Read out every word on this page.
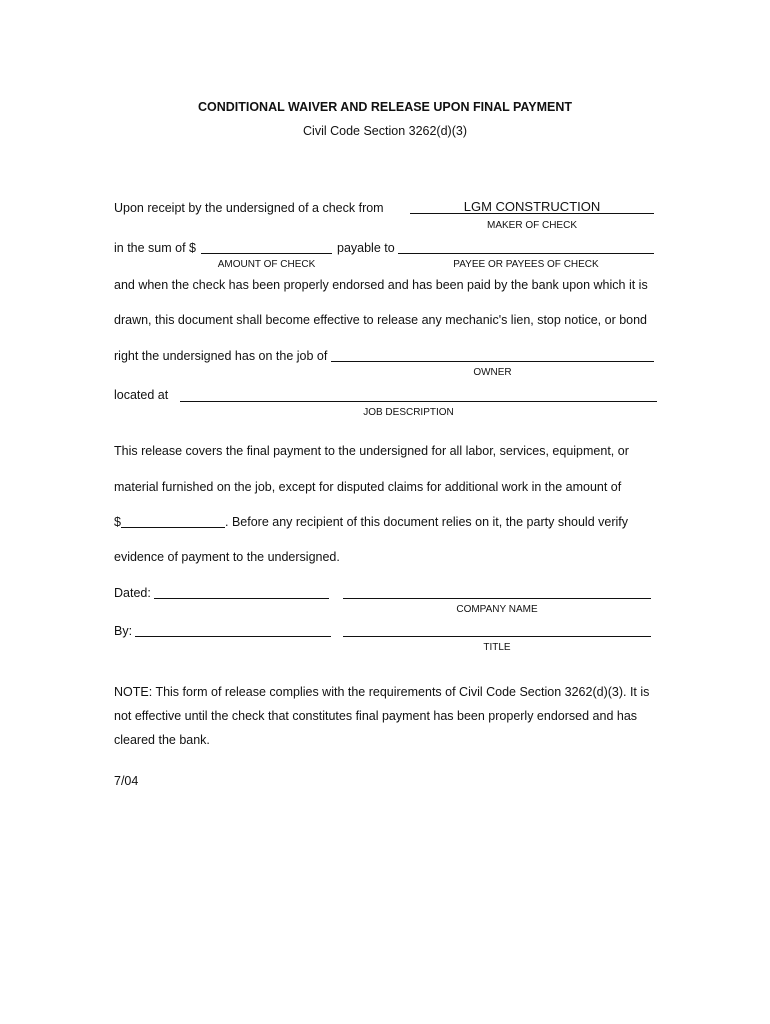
CONDITIONAL WAIVER AND RELEASE UPON FINAL PAYMENT
Civil Code Section 3262(d)(3)
Upon receipt by the undersigned of a check from	LGM CONSTRUCTION
MAKER OF CHECK
in the sum of $	payable to
AMOUNT OF CHECK	PAYEE OR PAYEES OF CHECK
and when the check has been properly endorsed and has been paid by the bank upon which it is
drawn, this document shall become effective to release any mechanic's lien, stop notice, or bond
right the undersigned has on the job of
OWNER
located at
JOB DESCRIPTION
This release covers the final payment to the undersigned for all labor, services, equipment, or
material furnished on the job, except for disputed claims for additional work in the amount of
$	. Before any recipient of this document relies on it, the party should verify
evidence of payment to the undersigned.
Dated:
COMPANY NAME
By:
TITLE
NOTE: This form of release complies with the requirements of Civil Code Section 3262(d)(3). It is
not effective until the check that constitutes final payment has been properly endorsed and has
cleared the bank.
7/04
